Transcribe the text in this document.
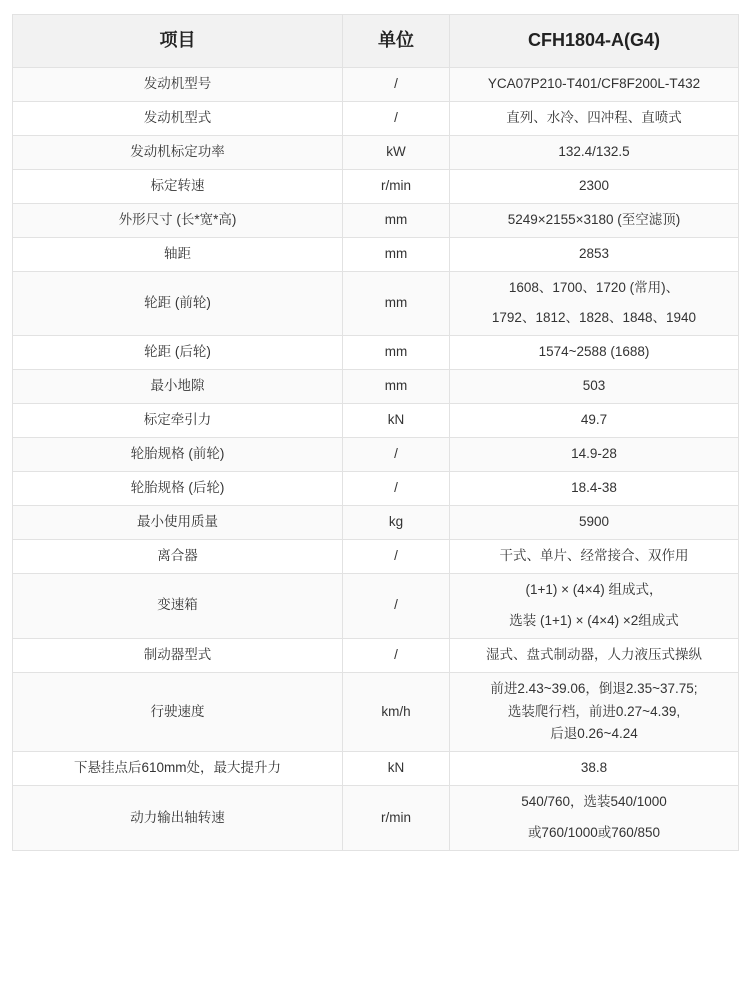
项目	单位	CFH1804-A(G4)
发动机型号	/	YCA07P210-T401/CF8F200L-T432

发动机型式	/	直列、水冷、四冲程、直喷式

发动机标定功率	kW	132.4/132.5

标定转速	r/min	2300

外形尺寸 (长*宽*高)	mm	5249×2155×3180 (至空滤顶)

轴距	mm	2853

轮距 (前轮)	mm	1608、1700、1720 (常用)、
1792、1812、1828、1848、1940

轮距 (后轮)	mm	1574~2588 (1688)

最小地隙	mm	503

标定牵引力	kN	49.7

轮胎规格 (前轮)	/	14.9-28

轮胎规格 (后轮)	/	18.4-38

最小使用质量	kg	5900

离合器	/	干式、单片、经常接合、双作用

变速箱	/	(1+1) × (4×4) 组成式，
选装 (1+1) × (4×4) ×2组成式

制动器型式	/	湿式、盘式制动器，人力液压式操纵

行驶速度	km/h	前进2.43~39.06，倒退2.35~37.75;
选装爬行档，前进0.27~4.39,
后退0.26~4.24

下悬挂点后610mm处，最大提升力	kN	38.8

动力输出轴转速	r/min	540/760，选装540/1000
或760/1000或760/850
